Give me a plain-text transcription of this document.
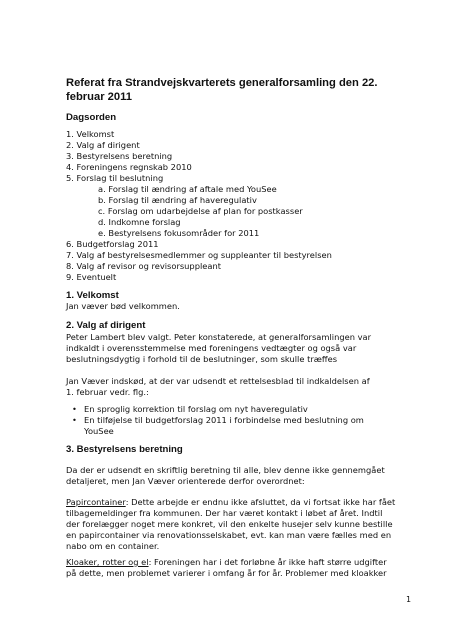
Referat fra Strandvejskvarterets generalforsamling den 22. februar 2011
Dagsorden
1. Velkomst
2. Valg af dirigent
3. Bestyrelsens beretning
4. Foreningens regnskab 2010
5. Forslag til beslutning
a. Forslag til ændring af aftale med YouSee
b. Forslag til ændring af haveregulativ
c. Forslag om udarbejdelse af plan for postkasser
d. Indkomne forslag
e. Bestyrelsens fokusområder for 2011
6. Budgetforslag 2011
7. Valg af bestyrelsesmedlemmer og suppleanter til bestyrelsen
8. Valg af revisor og revisorsuppleant
9. Eventuelt
1. Velkomst
Jan væver bød velkommen.
2. Valg af dirigent
Peter Lambert blev valgt. Peter konstaterede, at generalforsamlingen var
indkaldt i overensstemmelse med foreningens vedtægter og også var
beslutningsdygtig i forhold til de beslutninger, som skulle træffes
Jan Væver indskød, at der var udsendt et rettelsesblad til indkaldelsen af
1. februar vedr. flg.:
• En sproglig korrektion til forslag om nyt haveregulativ
• En tilføjelse til budgetforslag 2011 i forbindelse med beslutning om
YouSee
3. Bestyrelsens beretning
Da der er udsendt en skriftlig beretning til alle, blev denne ikke gennemgået
detaljeret, men Jan Væver orienterede derfor overordnet:
Papircontainer: Dette arbejde er endnu ikke afsluttet, da vi fortsat ikke har fået
tilbagemeldinger fra kommunen. Der har været kontakt i løbet af året. Indtil
der forelægger noget mere konkret, vil den enkelte husejer selv kunne bestille
en papircontainer via renovationsselskabet, evt. kan man være fælles med en
nabo om en container.
Kloaker, rotter og el: Foreningen har i det forløbne år ikke haft større udgifter
på dette, men problemet varierer i omfang år for år. Problemer med kloakker
1
